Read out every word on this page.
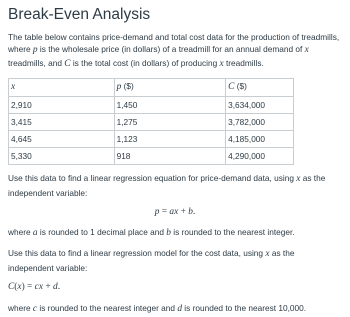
Break-Even Analysis

The table below contains price-demand and total cost data for the production of treadmills, where p is the wholesale price (in dollars) of a treadmill for an annual demand of x treadmills, and C is the total cost (in dollars) of producing x treadmills.

x	p ($)	C ($)
2,910	1,450	3,634,000
3,415	1,275	3,782,000
4,645	1,123	4,185,000
5,330	918	4,290,000

Use this data to find a linear regression equation for price-demand data, using x as the independent variable:

p = ax + b.

where a is rounded to 1 decimal place and b is rounded to the nearest integer.

Use this data to find a linear regression model for the cost data, using x as the independent variable:

C(x) = cx + d.

where c is rounded to the nearest integer and d is rounded to the nearest 10,000.
